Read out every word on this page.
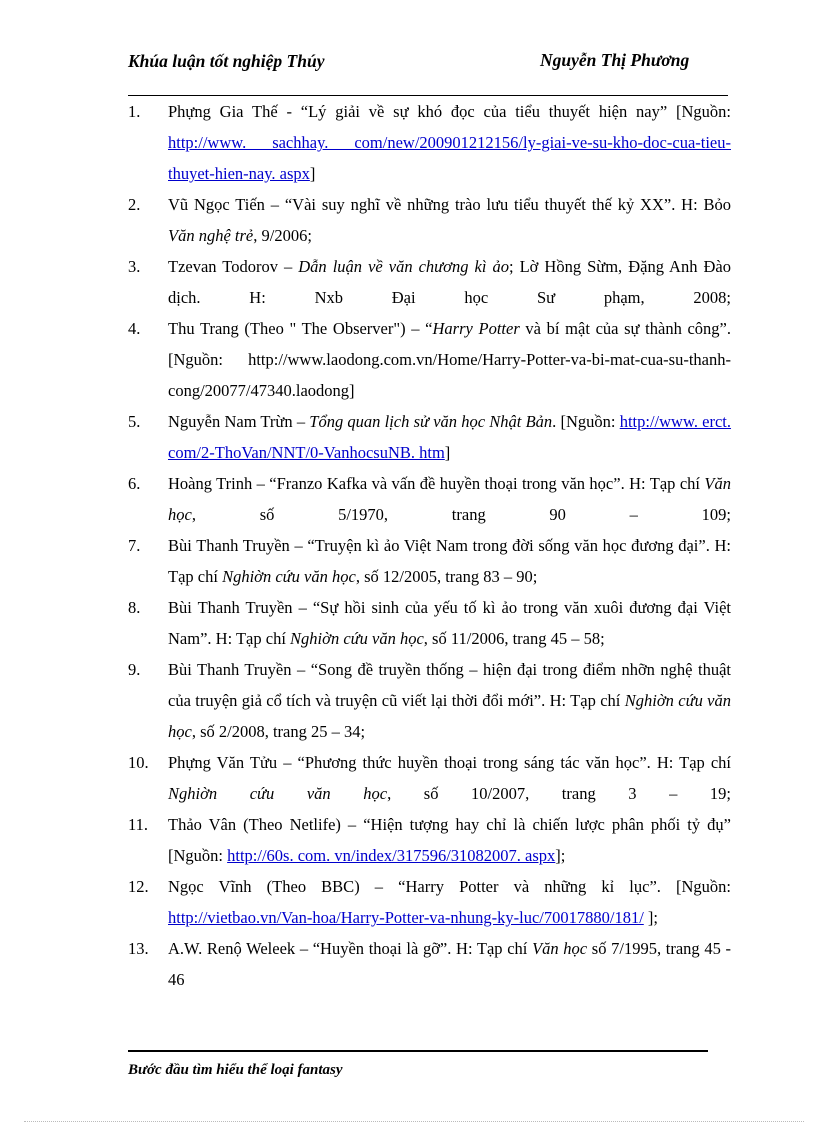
Khúa luận tốt nghiệp Thúy	Nguyễn Thị Phương
1.	Phựng Gia Thế - “Lý giải về sự khó đọc của tiểu thuyết hiện nay” [Nguồn: http://www. sachhay. com/new/200901212156/ly-giai-ve-su-kho-doc-cua-tieu-thuyet-hien-nay. aspx]
2.	Vũ Ngọc Tiến – “Vài suy nghĩ về những trào lưu tiểu thuyết thế kỷ XX”. H: Bỏo Văn nghệ trẻ, 9/2006;
3.	Tzevan Todorov – Dẫn luận về văn chương kì ảo; Lờ Hồng Sừm, Đặng Anh Đào dịch. H: Nxb Đại học Sư phạm, 2008;
4.	Thu Trang (Theo " The Observer") – “Harry Potter và bí mật của sự thành công”. [Nguồn: http://www.laodong.com.vn/Home/Harry-Potter-va-bi-mat-cua-su-thanh-cong/20077/47340.laodong]
5.	Nguyễn Nam Trừn – Tổng quan lịch sử văn học Nhật Bản. [Nguồn: http://www. erct. com/2-ThoVan/NNT/0-VanhocsuNB. htm]
6.	Hoàng Trinh – “Franzo Kafka và vấn đề huyền thoại trong văn học”. H: Tạp chí Văn học, số 5/1970, trang 90 – 109;
7.	Bùi Thanh Truyền – “Truyện kì ảo Việt Nam trong đời sống văn học đương đại”. H: Tạp chí Nghiờn cứu văn học, số 12/2005, trang 83 – 90;
8.	Bùi Thanh Truyền – “Sự hồi sinh của yếu tố kì ảo trong văn xuôi đương đại Việt Nam”. H: Tạp chí Nghiờn cứu văn học, số 11/2006, trang 45 – 58;
9.	Bùi Thanh Truyền – “Song đề truyền thống – hiện đại trong điểm nhỡn nghệ thuật của truyện giả cổ tích và truyện cũ viết lại thời đổi mới”. H: Tạp chí Nghiờn cứu văn học, số 2/2008, trang 25 – 34;
10.	Phựng Văn Tửu – “Phương thức huyền thoại trong sáng tác văn học”. H: Tạp chí Nghiờn cứu văn học, số 10/2007, trang 3 – 19;
11.	Thảo Vân (Theo Netlife) – “Hiện tượng hay chỉ là chiến lược phân phối tỷ đụ” [Nguồn: http://60s. com. vn/index/317596/31082007. aspx];
12.	Ngọc Vĩnh (Theo BBC) – “Harry Potter và những kỉ lục”. [Nguồn: http://vietbao.vn/Van-hoa/Harry-Potter-va-nhung-ky-luc/70017880/181/ ];
13.	A.W. Renộ Weleek – “Huyền thoại là gỡ”. H: Tạp chí Văn học số 7/1995, trang 45 - 46
Bước đầu tìm hiểu thể loại fantasy
